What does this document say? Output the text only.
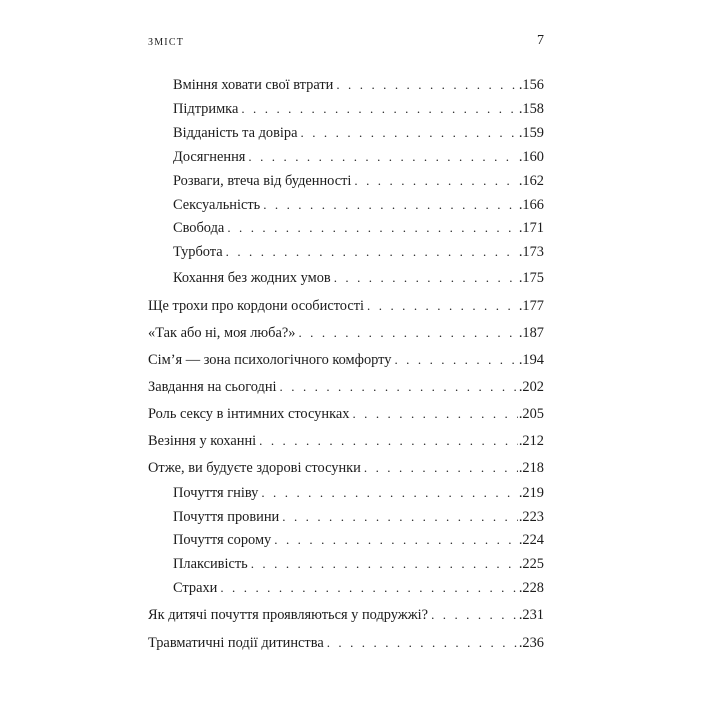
ЗМІСТ	7
Вміння ховати свої втрати . . .	.156
Підтримка . . .	.158
Відданість та довіра . . .	.159
Досягнення . . .	.160
Розваги, втеча від буденності . . .	.162
Сексуальність . . .	.166
Свобода . . .	.171
Турбота . . .	.173
Кохання без жодних умов . . .	.175
Ще трохи про кордони особистості . . .	.177
«Так або ні, моя люба?» . . .	.187
Сім’я — зона психологічного комфорту . . .	.194
Завдання на сьогодні . . .	.202
Роль сексу в інтимних стосунках . . .	.205
Везіння у коханні . . .	.212
Отже, ви будуєте здорові стосунки . . .	.218
Почуття гніву . . .	.219
Почуття провини . . .	.223
Почуття сорому . . .	.224
Плаксивість . . .	.225
Страхи . . .	.228
Як дитячі почуття проявляються у подружжі? . . .	.231
Травматичні події дитинства . . .	.236
